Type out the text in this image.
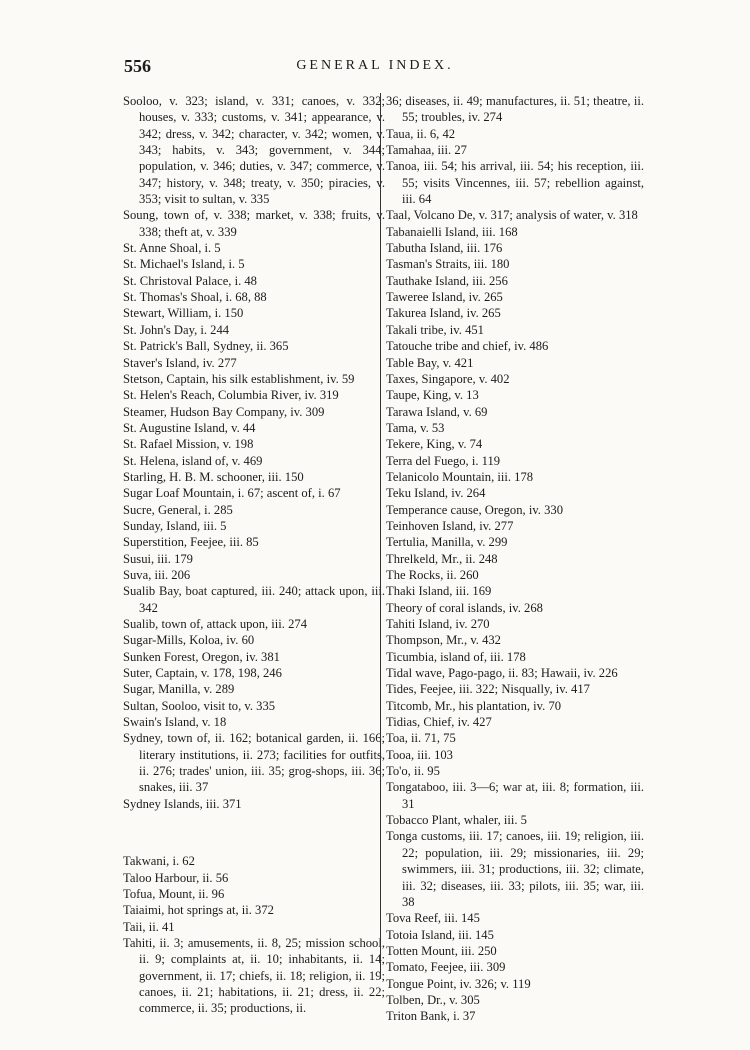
556	GENERAL INDEX.

Sooloo, v. 323; island, v. 331; canoes, v. 332; houses, v. 333; customs, v. 341; appearance, v. 342; dress, v. 342; character, v. 342; women, v. 343; habits, v. 343; government, v. 344; population, v. 346; duties, v. 347; commerce, v. 347; history, v. 348; treaty, v. 350; piracies, v. 353; visit to sultan, v. 335

Soung, town of, v. 338; market, v. 338; fruits, v. 338; theft at, v. 339

St. Anne Shoal, i. 5

St. Michael's Island, i. 5

St. Christoval Palace, i. 48

St. Thomas's Shoal, i. 68, 88

Stewart, William, i. 150

St. John's Day, i. 244

St. Patrick's Ball, Sydney, ii. 365

Staver's Island, iv. 277

Stetson, Captain, his silk establishment, iv. 59

St. Helen's Reach, Columbia River, iv. 319

Steamer, Hudson Bay Company, iv. 309

St. Augustine Island, v. 44

St. Rafael Mission, v. 198

St. Helena, island of, v. 469

Starling, H. B. M. schooner, iii. 150

Sugar Loaf Mountain, i. 67; ascent of, i. 67

Sucre, General, i. 285

Sunday, Island, iii. 5

Superstition, Feejee, iii. 85

Susui, iii. 179

Suva, iii. 206

Sualib Bay, boat captured, iii. 240; attack upon, iii. 342

Sualib, town of, attack upon, iii. 274

Sugar-Mills, Koloa, iv. 60

Sunken Forest, Oregon, iv. 381

Suter, Captain, v. 178, 198, 246

Sugar, Manilla, v. 289

Sultan, Sooloo, visit to, v. 335

Swain's Island, v. 18

Sydney, town of, ii. 162; botanical garden, ii. 166; literary institutions, ii. 273; facilities for outfits, ii. 276; trades' union, iii. 35; grog-shops, iii. 36; snakes, iii. 37

Sydney Islands, iii. 371

Takwani, i. 62

Taloo Harbour, ii. 56

Tofua, Mount, ii. 96

Taiaimi, hot springs at, ii. 372

Taii, ii. 41

Tahiti, ii. 3; amusements, ii. 8, 25; mission school, ii. 9; complaints at, ii. 10; inhabitants, ii. 14; government, ii. 17; chiefs, ii. 18; religion, ii. 19; canoes, ii. 21; habitations, ii. 21; dress, ii. 22; commerce, ii. 35; productions, ii.

36; diseases, ii. 49; manufactures, ii. 51; theatre, ii. 55; troubles, iv. 274

Taua, ii. 6, 42

Tamahaa, iii. 27

Tanoa, iii. 54; his arrival, iii. 54; his reception, iii. 55; visits Vincennes, iii. 57; rebellion against, iii. 64

Taal, Volcano De, v. 317; analysis of water, v. 318

Tabanaielli Island, iii. 168

Tabutha Island, iii. 176

Tasman's Straits, iii. 180

Tauthake Island, iii. 256

Taweree Island, iv. 265

Takurea Island, iv. 265

Takali tribe, iv. 451

Tatouche tribe and chief, iv. 486

Table Bay, v. 421

Taxes, Singapore, v. 402

Taupe, King, v. 13

Tarawa Island, v. 69

Tama, v. 53

Tekere, King, v. 74

Terra del Fuego, i. 119

Telanicolo Mountain, iii. 178

Teku Island, iv. 264

Temperance cause, Oregon, iv. 330

Teinhoven Island, iv. 277

Tertulia, Manilla, v. 299

Threlkeld, Mr., ii. 248

The Rocks, ii. 260

Thaki Island, iii. 169

Theory of coral islands, iv. 268

Tahiti Island, iv. 270

Thompson, Mr., v. 432

Ticumbia, island of, iii. 178

Tidal wave, Pago-pago, ii. 83; Hawaii, iv. 226

Tides, Feejee, iii. 322; Nisqually, iv. 417

Titcomb, Mr., his plantation, iv. 70

Tidias, Chief, iv. 427

Toa, ii. 71, 75

Tooa, iii. 103

To'o, ii. 95

Tongataboo, iii. 3—6; war at, iii. 8; formation, iii. 31

Tobacco Plant, whaler, iii. 5

Tonga customs, iii. 17; canoes, iii. 19; religion, iii. 22; population, iii. 29; missionaries, iii. 29; swimmers, iii. 31; productions, iii. 32; climate, iii. 32; diseases, iii. 33; pilots, iii. 35; war, iii. 38

Tova Reef, iii. 145

Totoia Island, iii. 145

Totten Mount, iii. 250

Tomato, Feejee, iii. 309

Tongue Point, iv. 326; v. 119

Tolben, Dr., v. 305

Triton Bank, i. 37
